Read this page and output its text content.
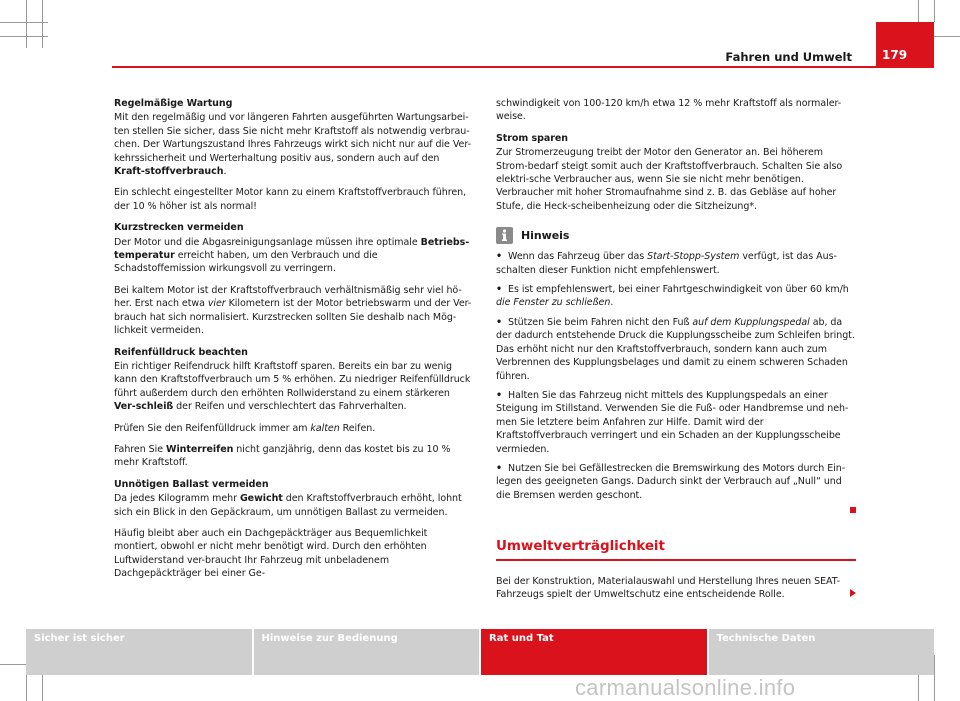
Fahren und Umwelt	179
Regelmäßige Wartung

Mit den regelmäßig und vor längeren Fahrten ausgeführten Wartungsarbei-ten stellen Sie sicher, dass Sie nicht mehr Kraftstoff als notwendig verbrau-chen. Der Wartungszustand Ihres Fahrzeugs wirkt sich nicht nur auf die Ver-kehrssicherheit und Werterhaltung positiv aus, sondern auch auf den Kraft-stoffverbrauch.

Ein schlecht eingestellter Motor kann zu einem Kraftstoffverbrauch führen, der 10 % höher ist als normal!

Kurzstrecken vermeiden

Der Motor und die Abgasreinigungsanlage müssen ihre optimale Betriebs-temperatur erreicht haben, um den Verbrauch und die Schadstoffemission wirkungsvoll zu verringern.

Bei kaltem Motor ist der Kraftstoffverbrauch verhältnismäßig sehr viel hö-her. Erst nach etwa vier Kilometern ist der Motor betriebswarm und der Ver-brauch hat sich normalisiert. Kurzstrecken sollten Sie deshalb nach Mög-lichkeit vermeiden.

Reifenfülldruck beachten

Ein richtiger Reifendruck hilft Kraftstoff sparen. Bereits ein bar zu wenig kann den Kraftstoffverbrauch um 5 % erhöhen. Zu niedriger Reifenfülldruck führt außerdem durch den erhöhten Rollwiderstand zu einem stärkeren Ver-schleiß der Reifen und verschlechtert das Fahrverhalten.

Prüfen Sie den Reifenfülldruck immer am kalten Reifen.

Fahren Sie Winterreifen nicht ganzjährig, denn das kostet bis zu 10 % mehr Kraftstoff.

Unnötigen Ballast vermeiden

Da jedes Kilogramm mehr Gewicht den Kraftstoffverbrauch erhöht, lohnt sich ein Blick in den Gepäckraum, um unnötigen Ballast zu vermeiden.

Häufig bleibt aber auch ein Dachgepäckträger aus Bequemlichkeit montiert, obwohl er nicht mehr benötigt wird. Durch den erhöhten Luftwiderstand ver-braucht Ihr Fahrzeug mit unbeladenem Dachgepäckträger bei einer Ge-

schwindigkeit von 100-120 km/h etwa 12 % mehr Kraftstoff als normaler-weise.

Strom sparen

Zur Stromerzeugung treibt der Motor den Generator an. Bei höherem Strom-bedarf steigt somit auch der Kraftstoffverbrauch. Schalten Sie also elektri-sche Verbraucher aus, wenn Sie sie nicht mehr benötigen. Verbraucher mit hoher Stromaufnahme sind z. B. das Gebläse auf hoher Stufe, die Heck-scheibenheizung oder die Sitzheizung*.

Hinweis
• Wenn das Fahrzeug über das Start-Stopp-System verfügt, ist das Aus-schalten dieser Funktion nicht empfehlenswert.
• Es ist empfehlenswert, bei einer Fahrtgeschwindigkeit von über 60 km/h die Fenster zu schließen.
• Stützen Sie beim Fahren nicht den Fuß auf dem Kupplungspedal ab, da der dadurch entstehende Druck die Kupplungsscheibe zum Schleifen bringt. Das erhöht nicht nur den Kraftstoffverbrauch, sondern kann auch zum Verbrennen des Kupplungsbelages und damit zu einem schweren Schaden führen.
• Halten Sie das Fahrzeug nicht mittels des Kupplungspedals an einer Steigung im Stillstand. Verwenden Sie die Fuß- oder Handbremse und neh-men Sie letztere beim Anfahren zur Hilfe. Damit wird der Kraftstoffverbrauch verringert und ein Schaden an der Kupplungsscheibe vermieden.
• Nutzen Sie bei Gefällestrecken die Bremswirkung des Motors durch Ein-legen des geeigneten Gangs. Dadurch sinkt der Verbrauch auf „Null“ und die Bremsen werden geschont.
Umweltverträglichkeit

Bei der Konstruktion, Materialauswahl und Herstellung Ihres neuen SEAT-Fahrzeugs spielt der Umweltschutz eine entscheidende Rolle.

Sicher ist sicher	Hinweise zur Bedienung	Rat und Tat	Technische Daten
carmanualsonline.info
